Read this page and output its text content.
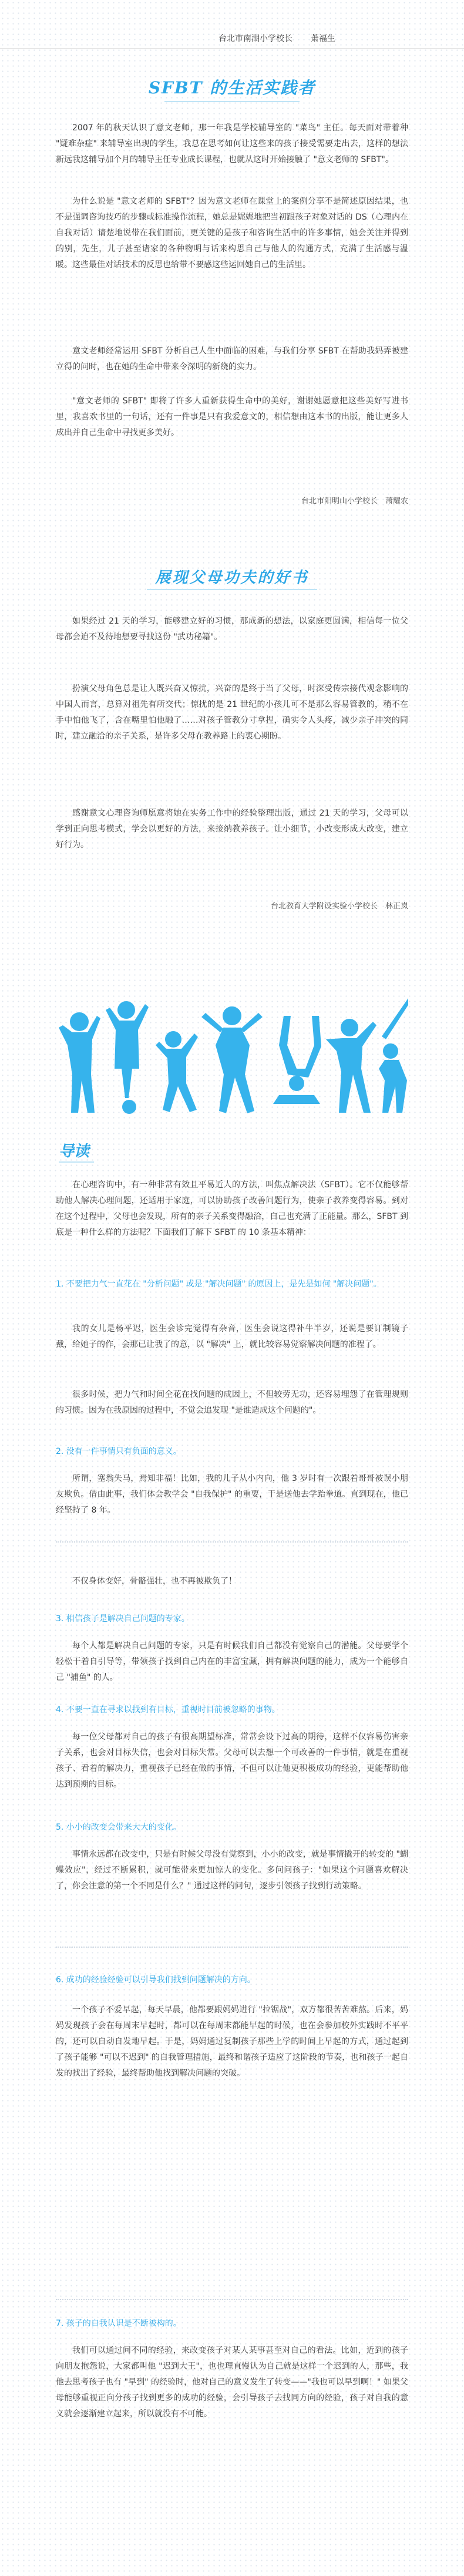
台北市南湖小学校长 萧福生
SFBT 的生活实践者

2007 年的秋天认识了意文老师，那一年我是学校辅导室的 "菜鸟" 主任。每天面对带着种 "疑难杂症" 来辅导室出现的学生，我总在思考如何让这些来的孩子接受需要走出去，这样的想法新远我这辅导加个月的辅导主任专业成长课程，也就从这时开始接触了 "意文老师的 SFBT"。

为什么说是 "意文老师的 SFBT"？因为意文老师在课堂上的案例分享不是简述原因结果，也不是强调咨询技巧的步骤或标准操作流程，她总是娓娓地把当初跟孩子对象对话的 DS（心理内在自我对话）请楚地说带在我们面前，更关键的是孩子和咨询生活中的许多事情，她会关注并得到的别，先生，儿子甚至诸家的各种物明与话来构思自己与他人的沟通方式，充满了生活感与温暖。这些最佳对话技术的反思也给带不要感这些运回她自己的生活里。

意文老师经常运用 SFBT 分析自己人生中面临的困难，与我们分享 SFBT 在帮助我妈弄被建立得的问时，也在她的生命中带来令深明的新绕的实力。

"意文老师的 SFBT" 即将了许多人重新获得生命中的美好，谢谢她愿意把这些美好写进书里，我喜欢书里的一句话，还有一件事是只有我爱意文的，相信想由这本书的出版，能让更多人成出并自己生命中寻找更多美好。

台北市阳明山小学校长　萧耀农

展现父母功夫的好书

如果经过 21 天的学习，能够建立好的习惯，那成新的想法，以家庭更圆满，相信每一位父母都会迫不及待地想要寻找这份 "武功秘籍"。

扮演父母角色总是让人既兴奋又惊扰，兴奋的是终于当了父母，时深受传宗接代观念影响的中国人而言，总算对祖先有所交代；惊扰的是 21 世纪的小孩儿可不是那么容易管教的，稍不在手中怕他飞了，含在嘴里怕他融了……对孩子管教分寸拿捏，确实令人头疼，减少亲子冲突的同时，建立融洽的亲子关系，是许多父母在教养路上的衷心期盼。

感谢意文心理咨询师愿意将她在实务工作中的经验整理出版，通过 21 天的学习，父母可以学到正向思考模式，学会以更好的方法，来接纳教养孩子。让小细节，小改变形成大改变，建立好行为。

台北教育大学附设实验小学校长　林正岚

导读

在心理咨询中，有一种非常有效且平易近人的方法，叫焦点解决法（SFBT）。它不仅能够帮助他人解决心理问题，还适用于家庭，可以协助孩子改善问题行为，使亲子教养变得容易。到对在这个过程中，父母也会发现，所有的亲子关系变得融洽，自己也充满了正能量。那么，SFBT 到底是一种什么样的方法呢？下面我们了解下 SFBT 的 10 条基本精神：

1. 不要把力气一直花在 "分析问题" 或是 "解决问题" 的原因上，是先是如何 "解决问题"。

我的女儿是杨平迟，医生会诊完觉得有杂音，医生会说这得补牛半岁，还说是要订制镜子戴，给她子的作，会那已让我了的意，以 "解决" 上，就比较容易觉察解决问题的准程了。

很多时候，把力气和时间全花在找问题的成因上，不但较劳无功，还容易埋怨了在管理规则的习惯。因为在我原因的过程中，不觉会追发现 "是谁造成这个问题的"。

2. 没有一件事情只有负面的意义。

所谓，塞翁失马，焉知非福！比如，我的儿子从小内向，他 3 岁时有一次跟着哥哥被误小朋友欺负。借由此事，我们体会教学会 "自我保护" 的重要，于是送他去学跆拳道。直到现在，他已经坚持了 8 年。

不仅身体变好，骨骼强壮，也不再被欺负了！

3. 相信孩子是解决自己问题的专家。

每个人都是解决自己问题的专家，只是有时候我们自己都没有觉察自己的潜能。父母要学个轻松干着自引导等，带领孩子找到自己内在的丰富宝藏，拥有解决问题的能力，成为一个能够自己 "捕鱼" 的人。

4. 不要一直在寻求以找到有目标，重视时目前被忽略的事物。

每一位父母都对自己的孩子有很高期望标准，常常会设下过高的期待，这样不仅容易伤害亲子关系，也会对目标失信，也会对目标失常。父母可以去想一个可改善的一件事情，就是在重视孩子、看着的解决力，重视孩子已经在做的事情，不但可以让他更积极成功的经验，更能帮助他达到预期的目标。

5. 小小的改变会带来大大的变化。

事情永远都在改变中，只是有时候父母没有觉察到，小小的改变，就是事情撬开的转变的 "蝴蝶效应"，经过不断累积，就可能带来更加惊人的变化。多问问孩子："如果这个问题喜欢解决了，你会注意的第一个不同是什么？" 通过这样的问句，逐步引领孩子找到行动策略。

6. 成功的经验经验可以引导我们找到问题解决的方向。

一个孩子不爱早起，每天早晨，他都要跟妈妈进行 "拉锯战"，双方都很苦苦难熬。后来，妈妈发现孩子会在每周末早起时，都可以在每周末都能早起的时候，也在会参加校外实践时不平平的，还可以自动自发地早起。于是，妈妈通过复制孩子那些上学的时间上早起的方式，通过起到了孩子能够 "可以不迟到" 的自我管理措施，最终和谐孩子适应了这阶段的节奏，也和孩子一起自发的找出了经验，最终帮助他找到解决问题的突破。

7. 孩子的自我认识是不断被构的。

我们可以通过问不同的经验，来改变孩子对某人某事甚至对自己的看法。比如，近到的孩子向朋友抱怨说，大家都叫他 "迟到大王"，也也理直慢认为自己就是这样一个迟到的人，那些，我他去思考孩子也有 "早到" 的经验时，他对自己的意义发生了转变——"我也可以早到啊！" 如果父母能够重视正向分孩子找到更多的成功的经验，会引导孩子去找同方向的经验，孩子对自我的意义就会逐渐建立起来，所以就没有不可能。
